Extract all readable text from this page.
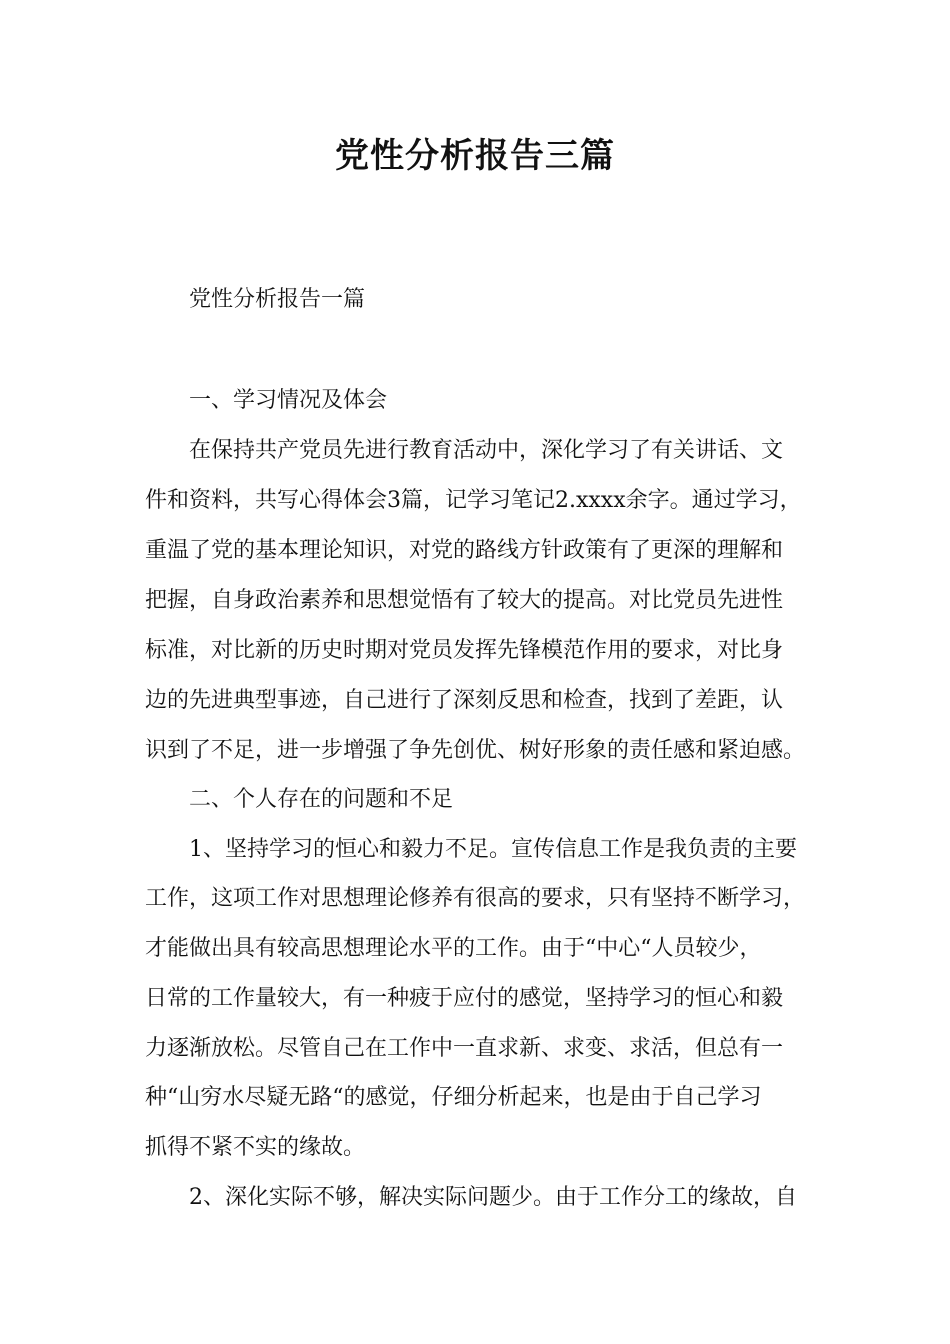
党性分析报告三篇
　　党性分析报告一篇
　　一、学习情况及体会
　　在保持共产党员先进行教育活动中，深化学习了有关讲话、文
件和资料，共写心得体会3篇，记学习笔记2.xxxx余字。通过学习，
重温了党的基本理论知识，对党的路线方针政策有了更深的理解和
把握，自身政治素养和思想觉悟有了较大的提高。对比党员先进性
标准，对比新的历史时期对党员发挥先锋模范作用的要求，对比身
边的先进典型事迹，自己进行了深刻反思和检查，找到了差距，认
识到了不足，进一步增强了争先创优、树好形象的责任感和紧迫感。
　　二、个人存在的问题和不足
　　1、坚持学习的恒心和毅力不足。宣传信息工作是我负责的主要
工作，这项工作对思想理论修养有很高的要求，只有坚持不断学习，
才能做出具有较高思想理论水平的工作。由于“中心“人员较少，
日常的工作量较大，有一种疲于应付的感觉，坚持学习的恒心和毅
力逐渐放松。尽管自己在工作中一直求新、求变、求活，但总有一
种“山穷水尽疑无路“的感觉，仔细分析起来，也是由于自己学习
抓得不紧不实的缘故。
　　2、深化实际不够，解决实际问题少。由于工作分工的缘故，自
